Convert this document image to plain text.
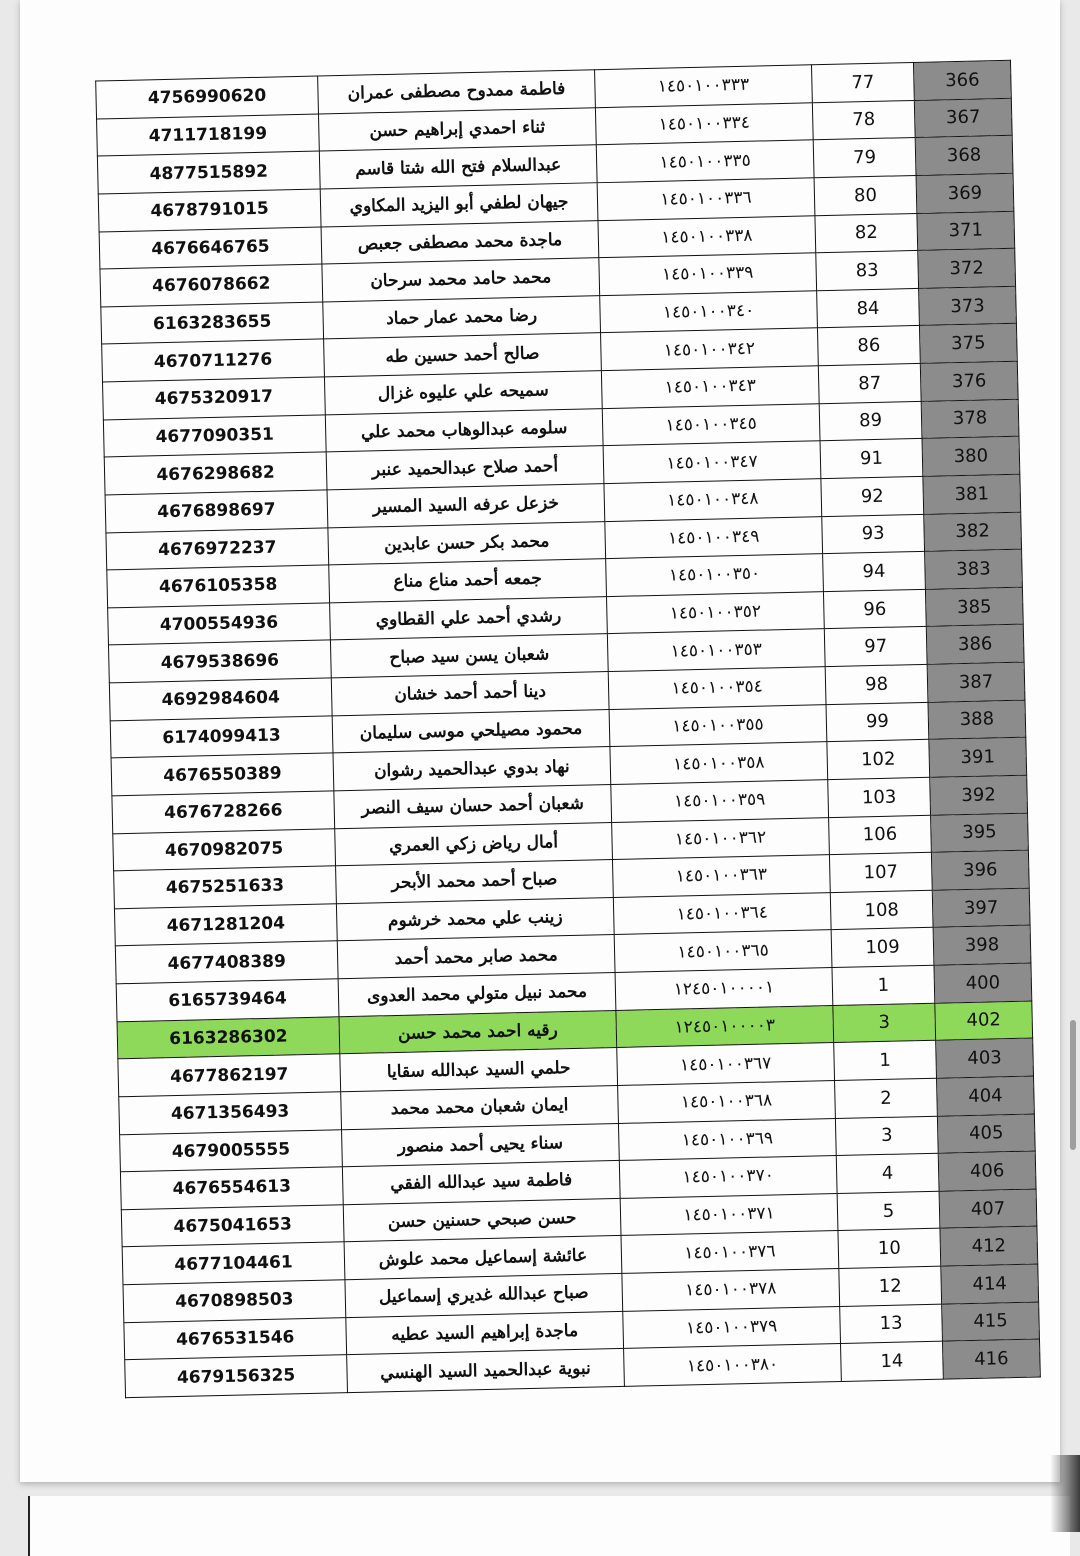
4756990620	فاطمة ممدوح مصطفى عمران	١٤٥٠١٠٠٣٣٣	77	366
4711718199	ثناء احمدي إبراهيم حسن	١٤٥٠١٠٠٣٣٤	78	367
4877515892	عبدالسلام فتح الله شتا قاسم	١٤٥٠١٠٠٣٣٥	79	368
4678791015	جيهان لطفي أبو اليزيد المكاوي	١٤٥٠١٠٠٣٣٦	80	369
4676646765	ماجدة محمد مصطفى جعبص	١٤٥٠١٠٠٣٣٨	82	371
4676078662	محمد حامد محمد سرحان	١٤٥٠١٠٠٣٣٩	83	372
6163283655	رضا محمد عمار حماد	١٤٥٠١٠٠٣٤٠	84	373
4670711276	صالح أحمد حسين طه	١٤٥٠١٠٠٣٤٢	86	375
4675320917	سميحه علي عليوه غزال	١٤٥٠١٠٠٣٤٣	87	376
4677090351	سلومه عبدالوهاب محمد علي	١٤٥٠١٠٠٣٤٥	89	378
4676298682	أحمد صلاح عبدالحميد عنبر	١٤٥٠١٠٠٣٤٧	91	380
4676898697	خزعل عرفه السيد المسير	١٤٥٠١٠٠٣٤٨	92	381
4676972237	محمد بكر حسن عابدين	١٤٥٠١٠٠٣٤٩	93	382
4676105358	جمعه أحمد مناع مناع	١٤٥٠١٠٠٣٥٠	94	383
4700554936	رشدي أحمد علي القطاوي	١٤٥٠١٠٠٣٥٢	96	385
4679538696	شعبان يسن سيد صباح	١٤٥٠١٠٠٣٥٣	97	386
4692984604	دينا أحمد أحمد خشان	١٤٥٠١٠٠٣٥٤	98	387
6174099413	محمود مصيلحي موسى سليمان	١٤٥٠١٠٠٣٥٥	99	388
4676550389	نهاد بدوي عبدالحميد رشوان	١٤٥٠١٠٠٣٥٨	102	391
4676728266	شعبان أحمد حسان سيف النصر	١٤٥٠١٠٠٣٥٩	103	392
4670982075	أمال رياض زكي العمري	١٤٥٠١٠٠٣٦٢	106	395
4675251633	صباح أحمد محمد الأبحر	١٤٥٠١٠٠٣٦٣	107	396
4671281204	زينب علي محمد خرشوم	١٤٥٠١٠٠٣٦٤	108	397
4677408389	محمد صابر محمد أحمد	١٤٥٠١٠٠٣٦٥	109	398
6165739464	محمد نبيل متولي محمد العدوى	١٢٤٥٠١٠٠٠٠١	1	400
6163286302	رقيه احمد محمد حسن	١٢٤٥٠١٠٠٠٠٣	3	402
4677862197	حلمي السيد عبدالله سقايا	١٤٥٠١٠٠٣٦٧	1	403
4671356493	ايمان شعبان محمد محمد	١٤٥٠١٠٠٣٦٨	2	404
4679005555	سناء يحيى أحمد منصور	١٤٥٠١٠٠٣٦٩	3	405
4676554613	فاطمة سيد عبدالله الفقي	١٤٥٠١٠٠٣٧٠	4	406
4675041653	حسن صبحي حسنين حسن	١٤٥٠١٠٠٣٧١	5	407
4677104461	عائشة إسماعيل محمد علوش	١٤٥٠١٠٠٣٧٦	10	412
4670898503	صباح عبدالله غديري إسماعيل	١٤٥٠١٠٠٣٧٨	12	414
4676531546	ماجدة إبراهيم السيد عطيه	١٤٥٠١٠٠٣٧٩	13	415
4679156325	نبوية عبدالحميد السيد الهنسي	١٤٥٠١٠٠٣٨٠	14	416
